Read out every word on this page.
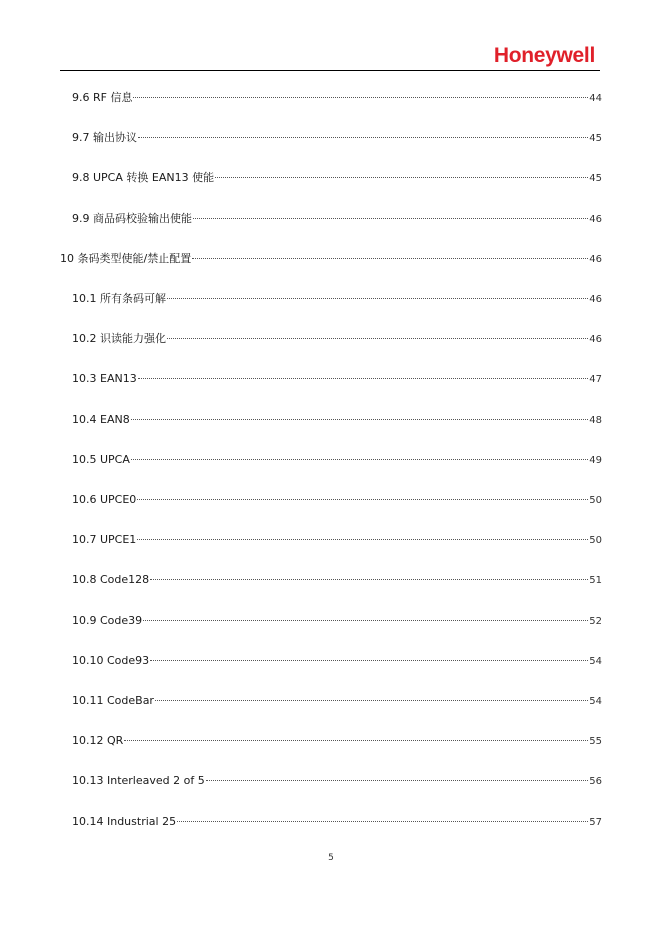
Honeywell
9.6 RF 信息	44
9.7 输出协议	45
9.8 UPCA 转换 EAN13 使能	45
9.9 商品码校验输出使能	46
10 条码类型使能/禁止配置	46
10.1 所有条码可解	46
10.2 识读能力强化	46
10.3 EAN13	47
10.4 EAN8	48
10.5 UPCA	49
10.6 UPCE0	50
10.7 UPCE1	50
10.8 Code128	51
10.9 Code39	52
10.10 Code93	54
10.11 CodeBar	54
10.12 QR	55
10.13 Interleaved 2 of 5	56
10.14 Industrial 25	57
5
